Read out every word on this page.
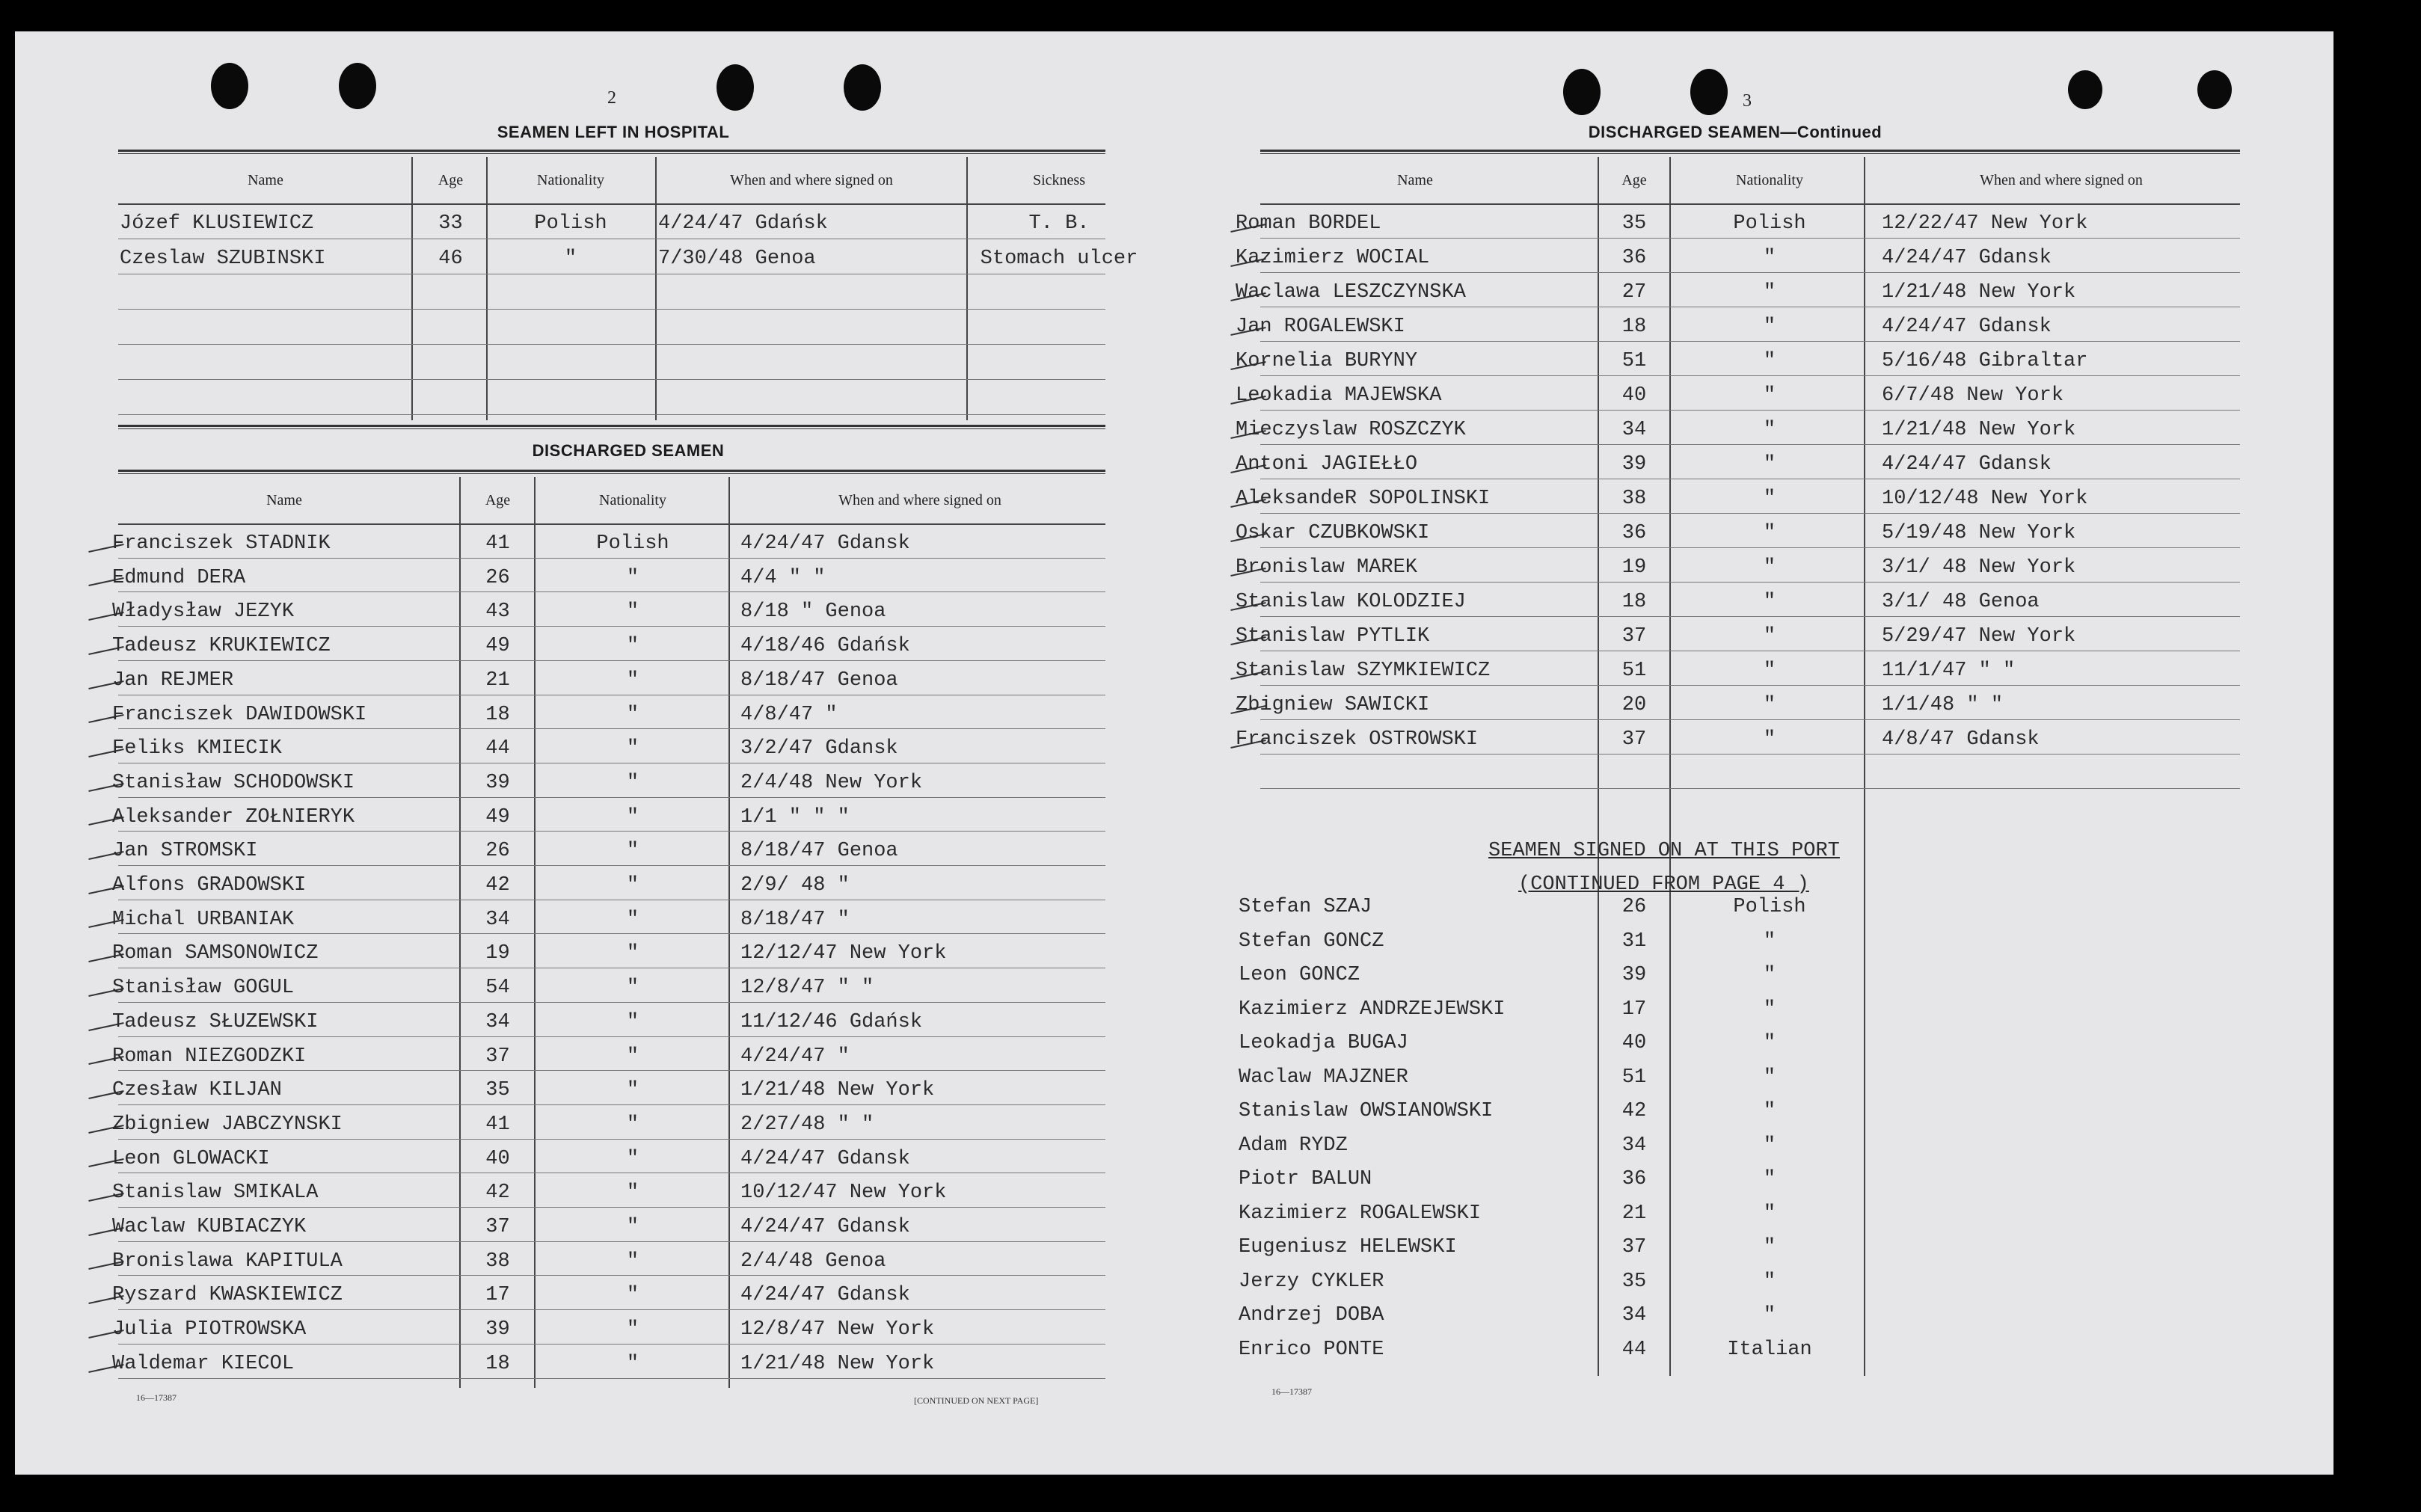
2
SEAMEN LEFT IN HOSPITAL
Name	Age	Nationality	When and where signed on	Sickness
Józef KLUSIEWICZ	33	Polish	4/24/47 Gdańsk	T. B.
Czeslaw SZUBINSKI	46	"	7/30/48 Genoa	Stomach ulcer
DISCHARGED SEAMEN
Name	Age	Nationality	When and where signed on
Franciszek STADNIK	41	Polish	4/24/47 Gdansk
Edmund DERA	26	"	4/4 " "
Władysław JEZYK	43	"	8/18 " Genoa
Tadeusz KRUKIEWICZ	49	"	4/18/46 Gdańsk
Jan REJMER	21	"	8/18/47 Genoa
Franciszek DAWIDOWSKI	18	"	4/8/47 "
Feliks KMIECIK	44	"	3/2/47 Gdansk
Stanisław SCHODOWSKI	39	"	2/4/48 New York
Aleksander ZOŁNIERYK	49	"	1/1 " " "
Jan STROMSKI	26	"	8/18/47 Genoa
Alfons GRADOWSKI	42	"	2/9/ 48 "
Michal URBANIAK	34	"	8/18/47 "
Roman SAMSONOWICZ	19	"	12/12/47 New York
Stanisław GOGUL	54	"	12/8/47 " "
Tadeusz SŁUZEWSKI	34	"	11/12/46 Gdańsk
Roman NIEZGODZKI	37	"	4/24/47 "
Czesław KILJAN	35	"	1/21/48 New York
Zbigniew JABCZYNSKI	41	"	2/27/48 " "
Leon GLOWACKI	40	"	4/24/47 Gdansk
Stanislaw SMIKALA	42	"	10/12/47 New York
Waclaw KUBIACZYK	37	"	4/24/47 Gdansk
Bronislawa KAPITULA	38	"	2/4/48 Genoa
Ryszard KWASKIEWICZ	17	"	4/24/47 Gdansk
Julia PIOTROWSKA	39	"	12/8/47 New York
Waldemar KIECOL	18	"	1/21/48 New York
16—17387	[CONTINUED ON NEXT PAGE]
3
DISCHARGED SEAMEN—Continued
Name	Age	Nationality	When and where signed on
Roman BORDEL	35	Polish	12/22/47 New York
Kazimierz WOCIAL	36	"	4/24/47 Gdansk
Waclawa LESZCZYNSKA	27	"	1/21/48 New York
Jan ROGALEWSKI	18	"	4/24/47 Gdansk
Kornelia BURYNY	51	"	5/16/48 Gibraltar
Leokadia MAJEWSKA	40	"	6/7/48 New York
Mieczyslaw ROSZCZYK	34	"	1/21/48 New York
Antoni JAGIEŁŁO	39	"	4/24/47 Gdansk
AleksandeR SOPOLINSKI	38	"	10/12/48 New York
Oskar CZUBKOWSKI	36	"	5/19/48 New York
Bronislaw MAREK	19	"	3/1/ 48 New York
Stanislaw KOLODZIEJ	18	"	3/1/ 48 Genoa
Stanislaw PYTLIK	37	"	5/29/47 New York
Stanislaw SZYMKIEWICZ	51	"	11/1/47 " "
Zbigniew SAWICKI	20	"	1/1/48 " "
Franciszek OSTROWSKI	37	"	4/8/47 Gdansk
SEAMEN SIGNED ON AT THIS PORT
(CONTINUED FROM PAGE 4 )
Stefan SZAJ	26	Polish
Stefan GONCZ	31	"
Leon GONCZ	39	"
Kazimierz ANDRZEJEWSKI	17	"
Leokadja BUGAJ	40	"
Waclaw MAJZNER	51	"
Stanislaw OWSIANOWSKI	42	"
Adam RYDZ	34	"
Piotr BALUN	36	"
Kazimierz ROGALEWSKI	21	"
Eugeniusz HELEWSKI	37	"
Jerzy CYKLER	35	"
Andrzej DOBA	34	"
Enrico PONTE	44	Italian
16—17387
